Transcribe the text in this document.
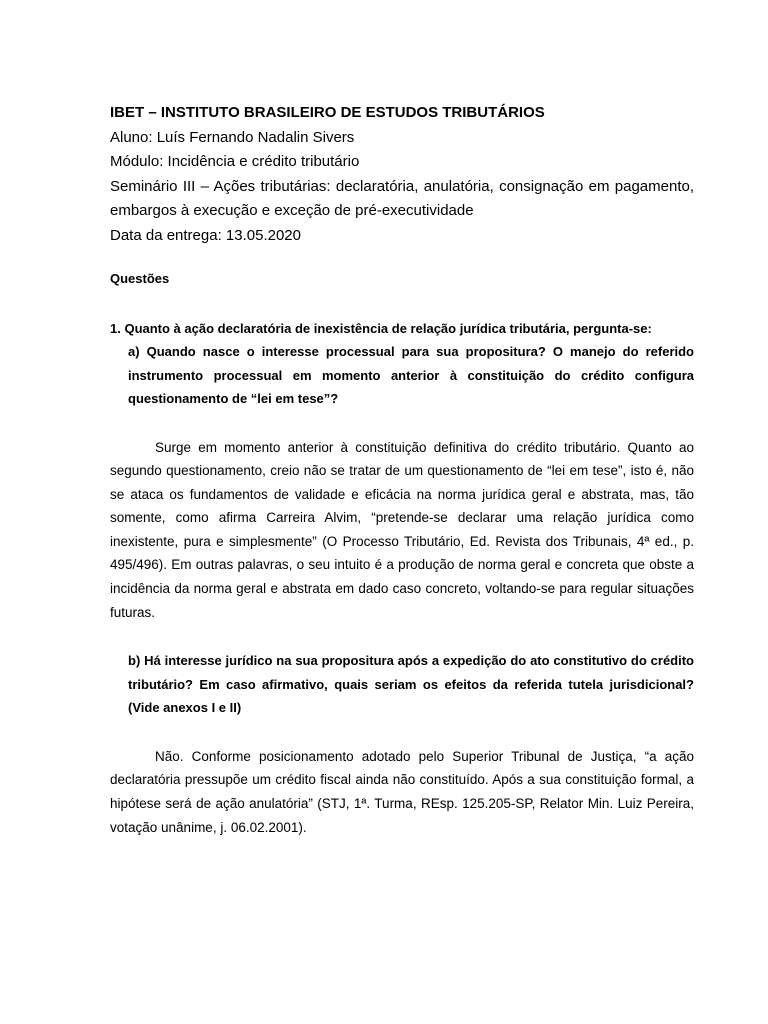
IBET – INSTITUTO BRASILEIRO DE ESTUDOS TRIBUTÁRIOS

Aluno: Luís Fernando Nadalin Sivers

Módulo: Incidência e crédito tributário

Seminário III – Ações tributárias: declaratória, anulatória, consignação em pagamento, embargos à execução e exceção de pré-executividade

Data da entrega: 13.05.2020

Questões
1. Quanto à ação declaratória de inexistência de relação jurídica tributária, pergunta-se:
a) Quando nasce o interesse processual para sua propositura? O manejo do referido instrumento processual em momento anterior à constituição do crédito configura questionamento de “lei em tese”?

Surge em momento anterior à constituição definitiva do crédito tributário. Quanto ao segundo questionamento, creio não se tratar de um questionamento de “lei em tese”, isto é, não se ataca os fundamentos de validade e eficácia na norma jurídica geral e abstrata, mas, tão somente, como afirma Carreira Alvim, “pretende-se declarar uma relação jurídica como inexistente, pura e simplesmente” (O Processo Tributário, Ed. Revista dos Tribunais, 4ª ed., p. 495/496). Em outras palavras, o seu intuito é a produção de norma geral e concreta que obste a incidência da norma geral e abstrata em dado caso concreto, voltando-se para regular situações futuras.

b) Há interesse jurídico na sua propositura após a expedição do ato constitutivo do crédito tributário? Em caso afirmativo, quais seriam os efeitos da referida tutela jurisdicional? (Vide anexos I e II)

Não. Conforme posicionamento adotado pelo Superior Tribunal de Justiça, “a ação declaratória pressupõe um crédito fiscal ainda não constituído. Após a sua constituição formal, a hipótese será de ação anulatória” (STJ, 1ª. Turma, REsp. 125.205-SP, Relator Min. Luiz Pereira, votação unânime, j. 06.02.2001).
